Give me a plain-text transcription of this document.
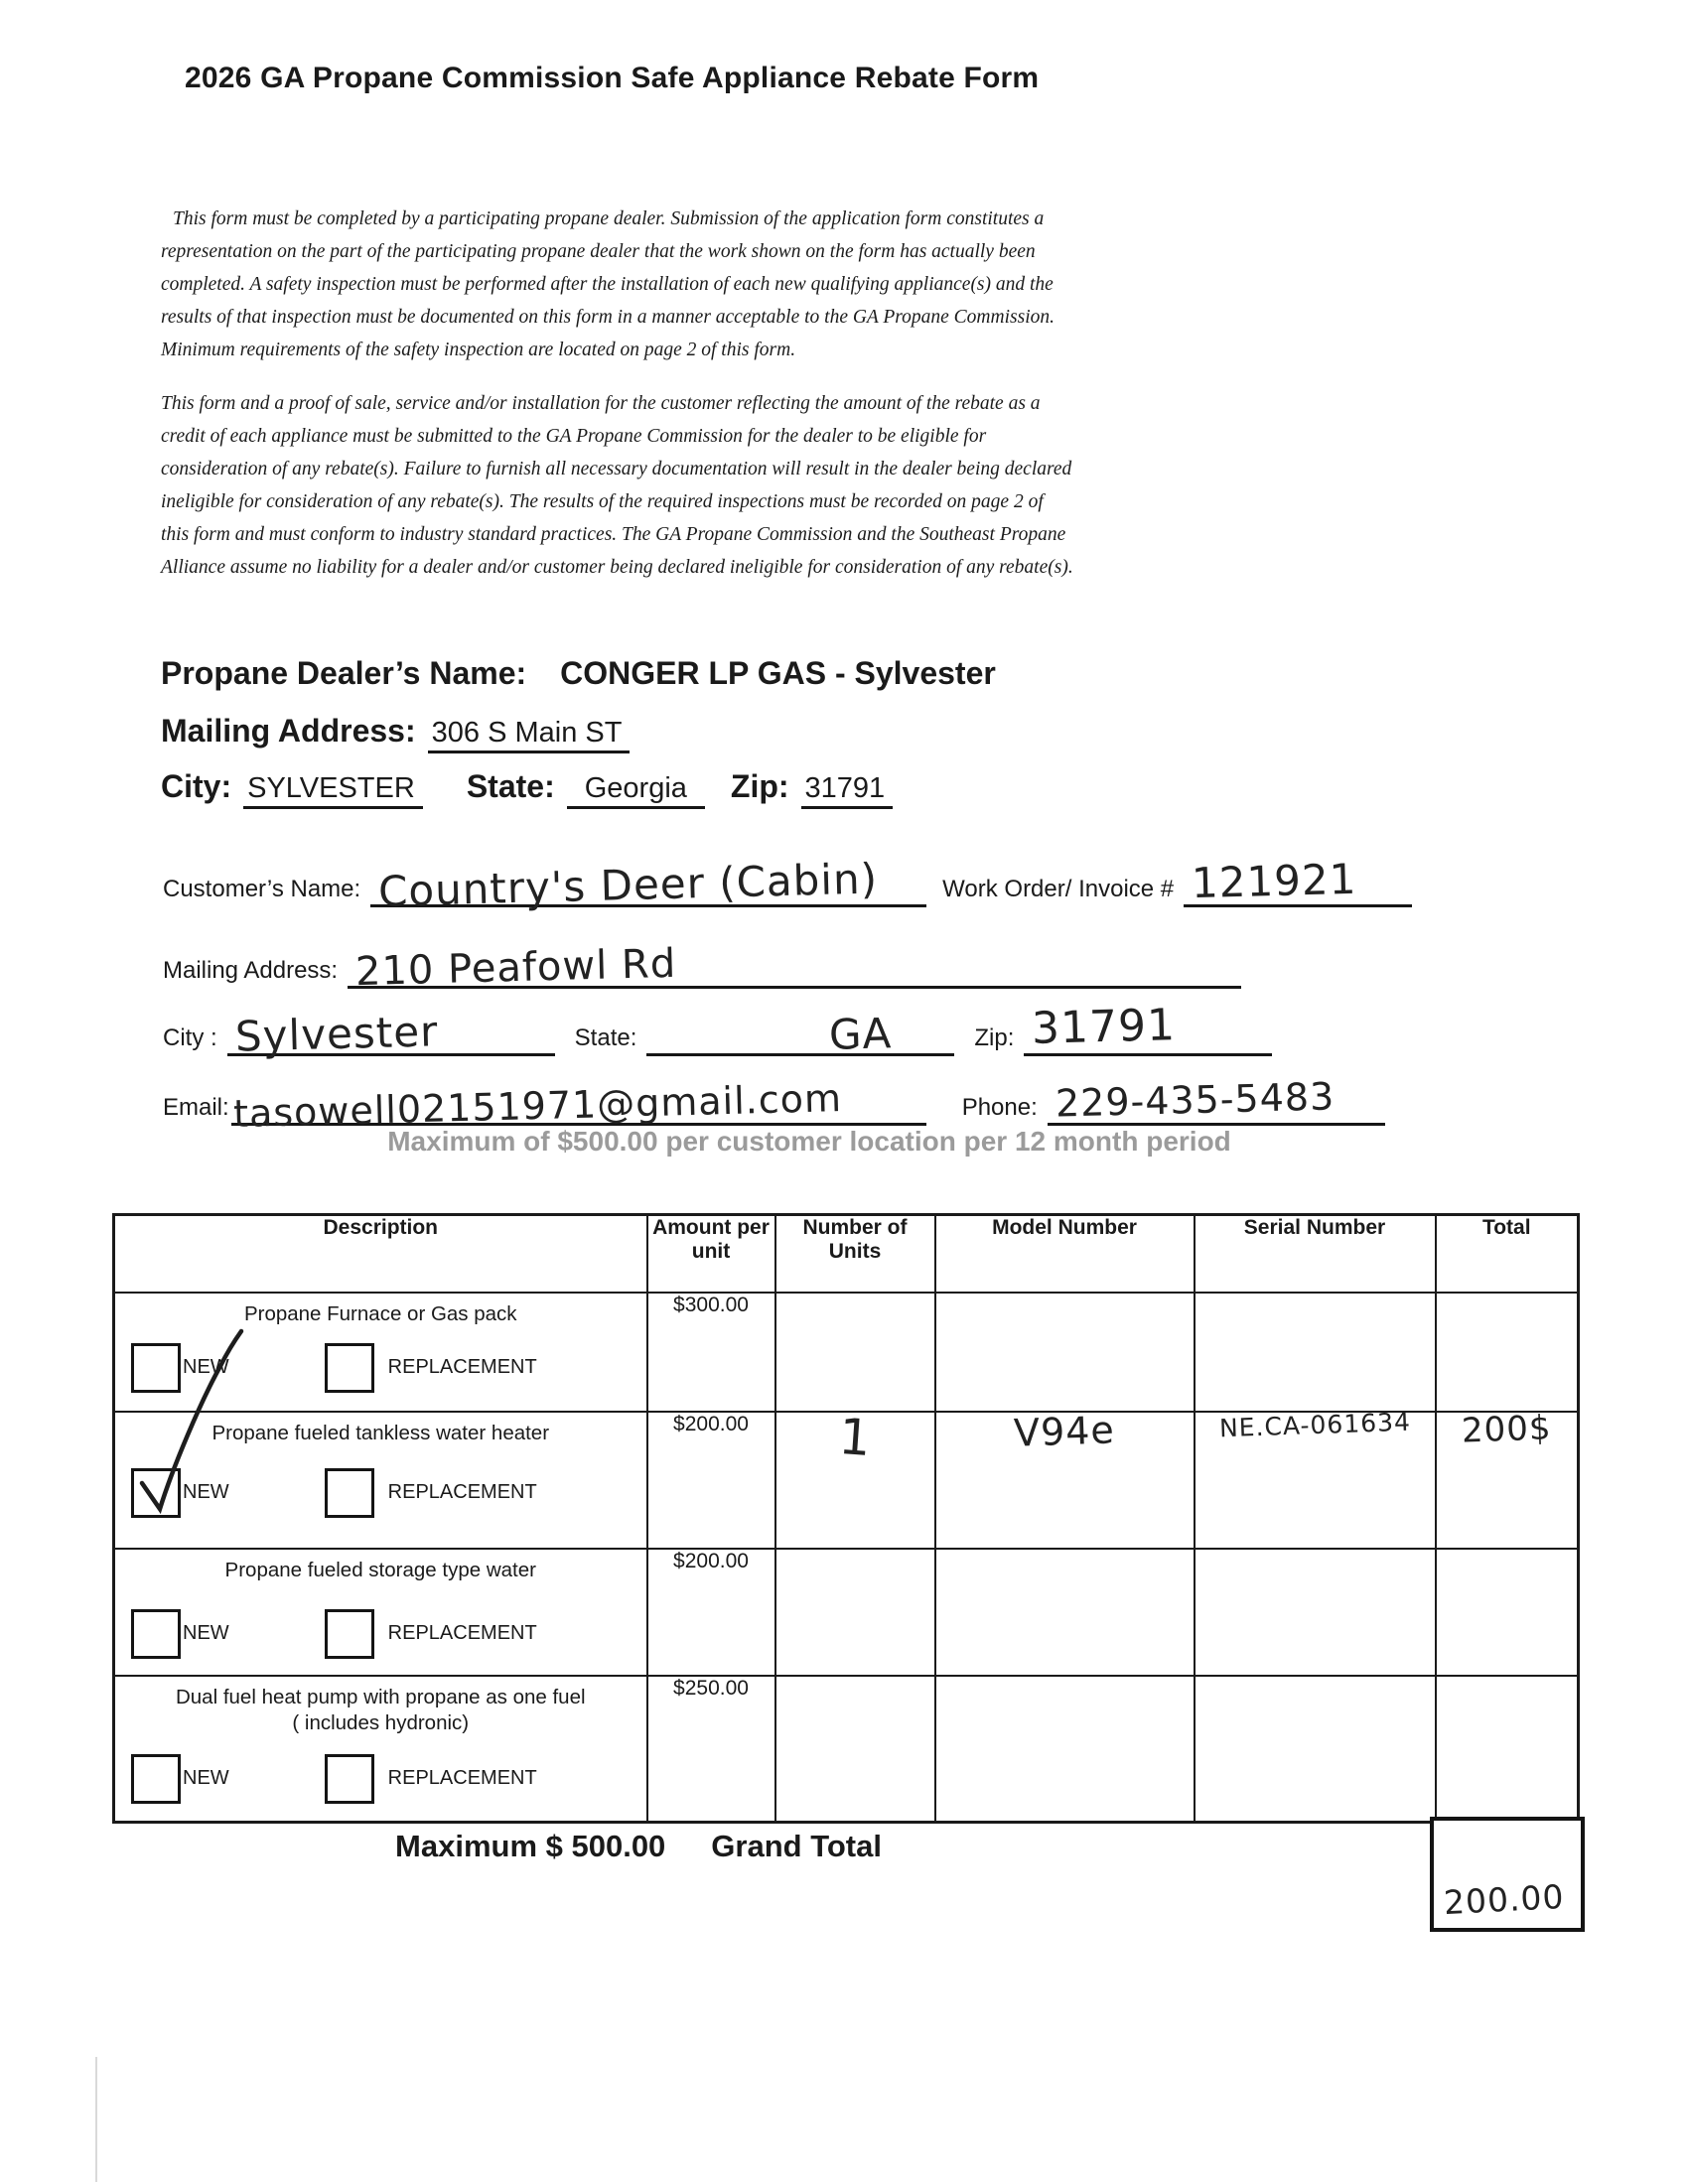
2026 GA Propane Commission Safe Appliance Rebate Form
This form must be completed by a participating propane dealer. Submission of the application form constitutes a representation on the part of the participating propane dealer that the work shown on the form has actually been completed. A safety inspection must be performed after the installation of each new qualifying appliance(s) and the results of that inspection must be documented on this form in a manner acceptable to the GA Propane Commission. Minimum requirements of the safety inspection are located on page 2 of this form.
This form and a proof of sale, service and/or installation for the customer reflecting the amount of the rebate as a credit of each appliance must be submitted to the GA Propane Commission for the dealer to be eligible for consideration of any rebate(s). Failure to furnish all necessary documentation will result in the dealer being declared ineligible for consideration of any rebate(s). The results of the required inspections must be recorded on page 2 of this form and must conform to industry standard practices. The GA Propane Commission and the Southeast Propane Alliance assume no liability for a dealer and/or customer being declared ineligible for consideration of any rebate(s).
Propane Dealer’s Name: CONGER LP GAS - Sylvester
Mailing Address: 306 S Main ST
City: SYLVESTER State:	Georgia	Zip: 31791
Customer’s Name: Country's Deer (Cabin)	Work Order/ Invoice # 121921
Mailing Address: 210 Peafowl Rd
City : Sylvester	State:	GA	Zip: 31791
Email: tasowell02151971@gmail.com	Phone: 229-435-5483
Maximum of $500.00 per customer location per 12 month period
Description	Amount per unit	Number of Units	Model Number	Serial Number	Total

Propane Furnace or Gas pack
NEW REPLACEMENT	$300.00				

Propane fueled tankless water heater
NEW REPLACEMENT	$200.00	1	V94e	NE.CA-061634	200$

Propane fueled storage type water
NEW REPLACEMENT	$200.00				

Dual fuel heat pump with propane as one fuel
( includes hydronic)
NEW REPLACEMENT	$250.00				
Maximum $ 500.00 Grand Total
200.00
